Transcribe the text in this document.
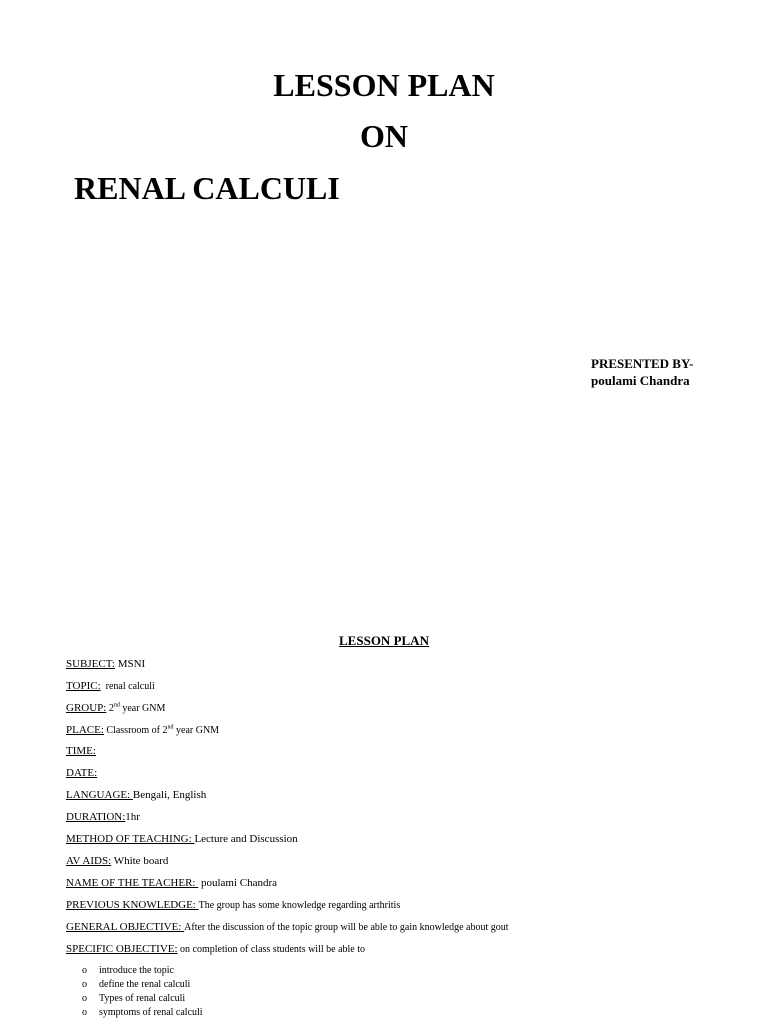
LESSON PLAN
ON
RENAL CALCULI
PRESENTED BY-
poulami Chandra
LESSON PLAN
SUBJECT: MSNI
TOPIC:  renal calculi
GROUP: 2nd year GNM
PLACE: Classroom of 2nd year GNM
TIME:
DATE:
LANGUAGE: Bengali, English
DURATION:1hr
METHOD OF TEACHING: Lecture and Discussion
AV AIDS: White board
NAME OF THE TEACHER:  poulami Chandra
PREVIOUS KNOWLEDGE: The group has some knowledge regarding arthritis
GENERAL OBJECTIVE: After the discussion of the topic group will be able to gain knowledge about gout
SPECIFIC OBJECTIVE: on completion of class students will be able to
o	introduce the topic
o	define the renal calculi
o	Types of renal calculi
o	symptoms of renal calculi
